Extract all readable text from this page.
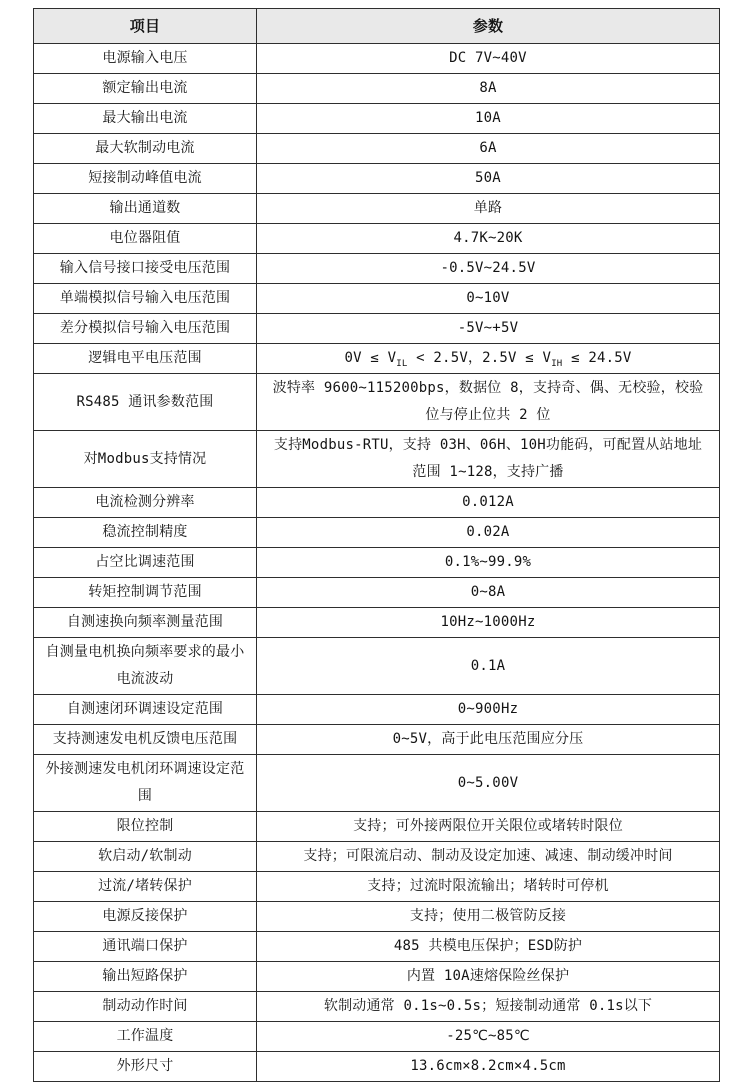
项目	参数
电源输入电压	DC 7V~40V
额定输出电流	8A
最大输出电流	10A
最大软制动电流	6A
短接制动峰值电流	50A
输出通道数	单路
电位器阻值	4.7K~20K
输入信号接口接受电压范围	-0.5V~24.5V
单端模拟信号输入电压范围	0~10V
差分模拟信号输入电压范围	-5V~+5V
逻辑电平电压范围	$0V \le V_{IL} < 2.5V$，$2.5V \le V_{IH} \le 24.5V$
RS485 通讯参数范围	波特率 9600~115200bps，数据位 8，支持奇、偶、无校验，校验位与停止位共 2 位
对Modbus支持情况	支持Modbus-RTU，支持 03H、06H、10H功能码，可配置从站地址范围 1~128，支持广播
电流检测分辨率	0.012A
稳流控制精度	0.02A
占空比调速范围	0.1%~99.9%
转矩控制调节范围	0~8A
自测速换向频率测量范围	10Hz~1000Hz
自测量电机换向频率要求的最小电流波动	0.1A
自测速闭环调速设定范围	0~900Hz
支持测速发电机反馈电压范围	0~5V，高于此电压范围应分压
外接测速发电机闭环调速设定范围	0~5.00V
限位控制	支持；可外接两限位开关限位或堵转时限位
软启动/软制动	支持；可限流启动、制动及设定加速、减速、制动缓冲时间
过流/堵转保护	支持；过流时限流输出；堵转时可停机
电源反接保护	支持；使用二极管防反接
通讯端口保护	485 共模电压保护；ESD防护
输出短路保护	内置 10A速熔保险丝保护
制动动作时间	软制动通常 0.1s~0.5s；短接制动通常 0.1s以下
工作温度	-25℃~85℃
外形尺寸	13.6cm×8.2cm×4.5cm
